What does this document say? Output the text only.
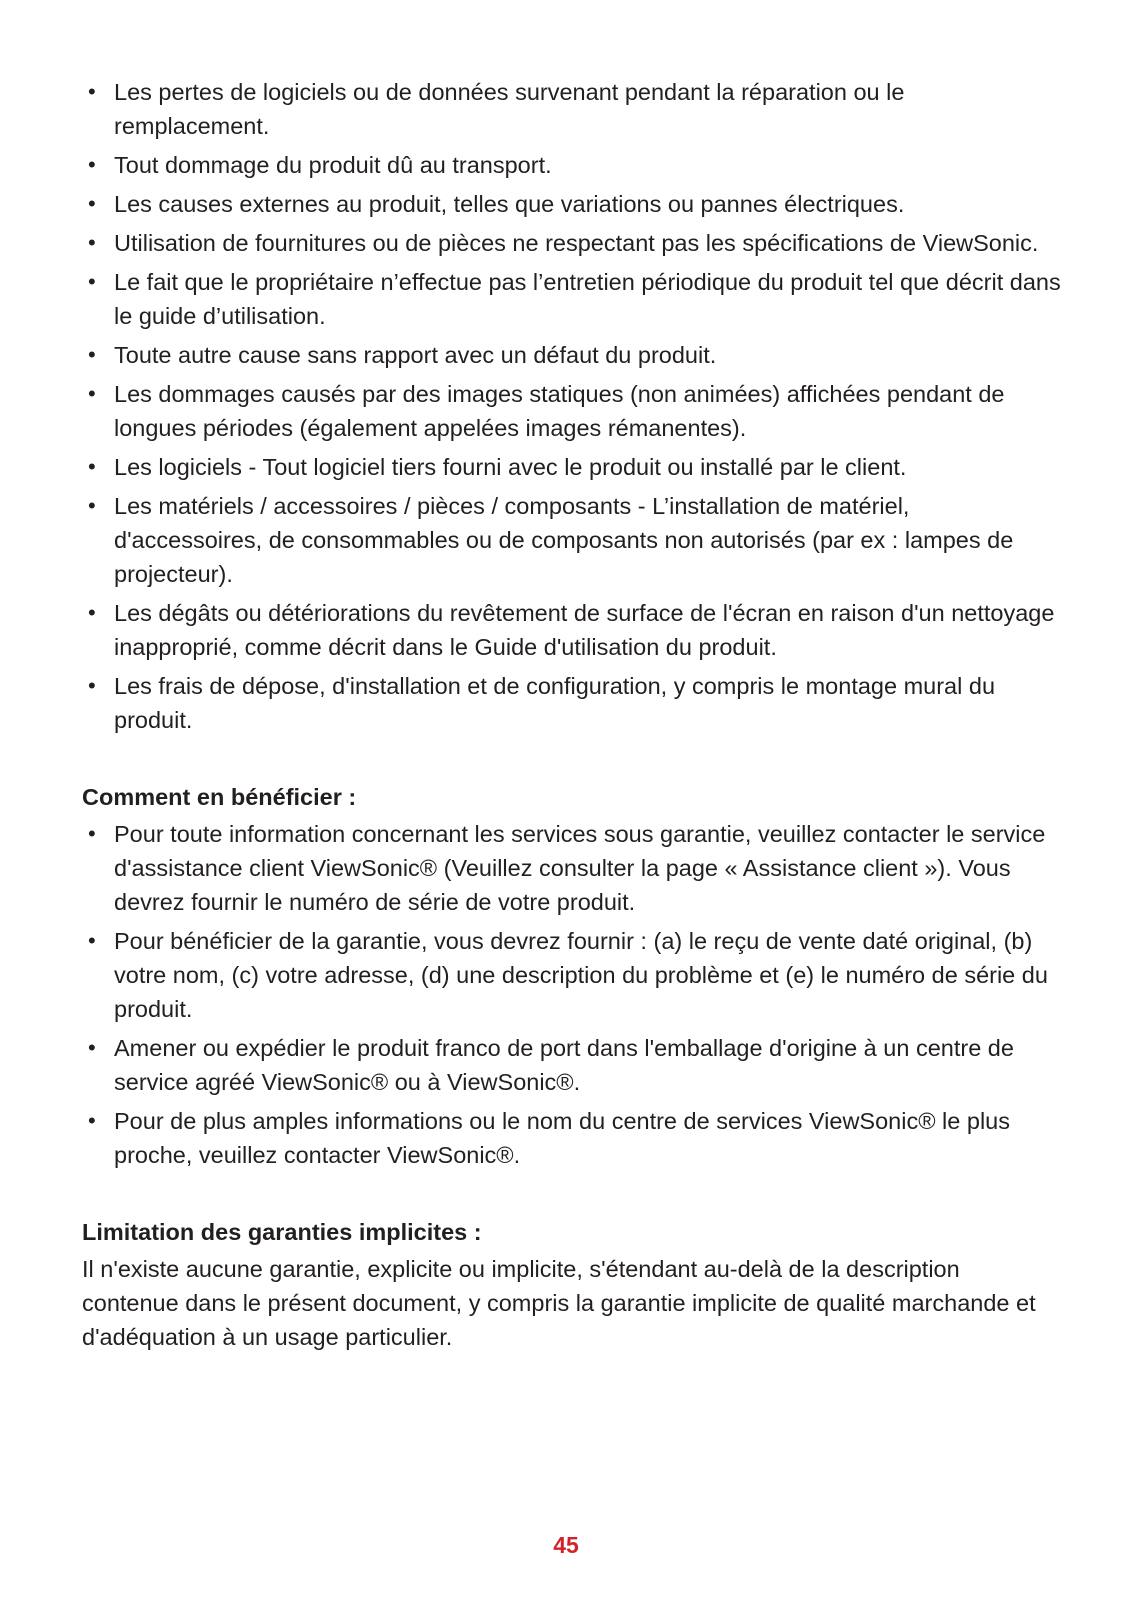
• Les pertes de logiciels ou de données survenant pendant la réparation ou le remplacement.
• Tout dommage du produit dû au transport.
• Les causes externes au produit, telles que variations ou pannes électriques.
• Utilisation de fournitures ou de pièces ne respectant pas les spécifications de ViewSonic.
• Le fait que le propriétaire n’effectue pas l’entretien périodique du produit tel que décrit dans le guide d’utilisation.
• Toute autre cause sans rapport avec un défaut du produit.
• Les dommages causés par des images statiques (non animées) affichées pendant de longues périodes (également appelées images rémanentes).
• Les logiciels - Tout logiciel tiers fourni avec le produit ou installé par le client.
• Les matériels / accessoires / pièces / composants - L’installation de matériel, d'accessoires, de consommables ou de composants non autorisés (par ex : lampes de projecteur).
• Les dégâts ou détériorations du revêtement de surface de l'écran en raison d'un nettoyage inapproprié, comme décrit dans le Guide d'utilisation du produit.
• Les frais de dépose, d'installation et de configuration, y compris le montage mural du produit.
Comment en bénéficier :
• Pour toute information concernant les services sous garantie, veuillez contacter le service d'assistance client ViewSonic® (Veuillez consulter la page « Assistance client »). Vous devrez fournir le numéro de série de votre produit.
• Pour bénéficier de la garantie, vous devrez fournir : (a) le reçu de vente daté original, (b) votre nom, (c) votre adresse, (d) une description du problème et (e) le numéro de série du produit.
• Amener ou expédier le produit franco de port dans l'emballage d'origine à un centre de service agréé ViewSonic® ou à ViewSonic®.
• Pour de plus amples informations ou le nom du centre de services ViewSonic® le plus proche, veuillez contacter ViewSonic®.
Limitation des garanties implicites :

Il n'existe aucune garantie, explicite ou implicite, s'étendant au-delà de la description contenue dans le présent document, y compris la garantie implicite de qualité marchande et d'adéquation à un usage particulier.

45
